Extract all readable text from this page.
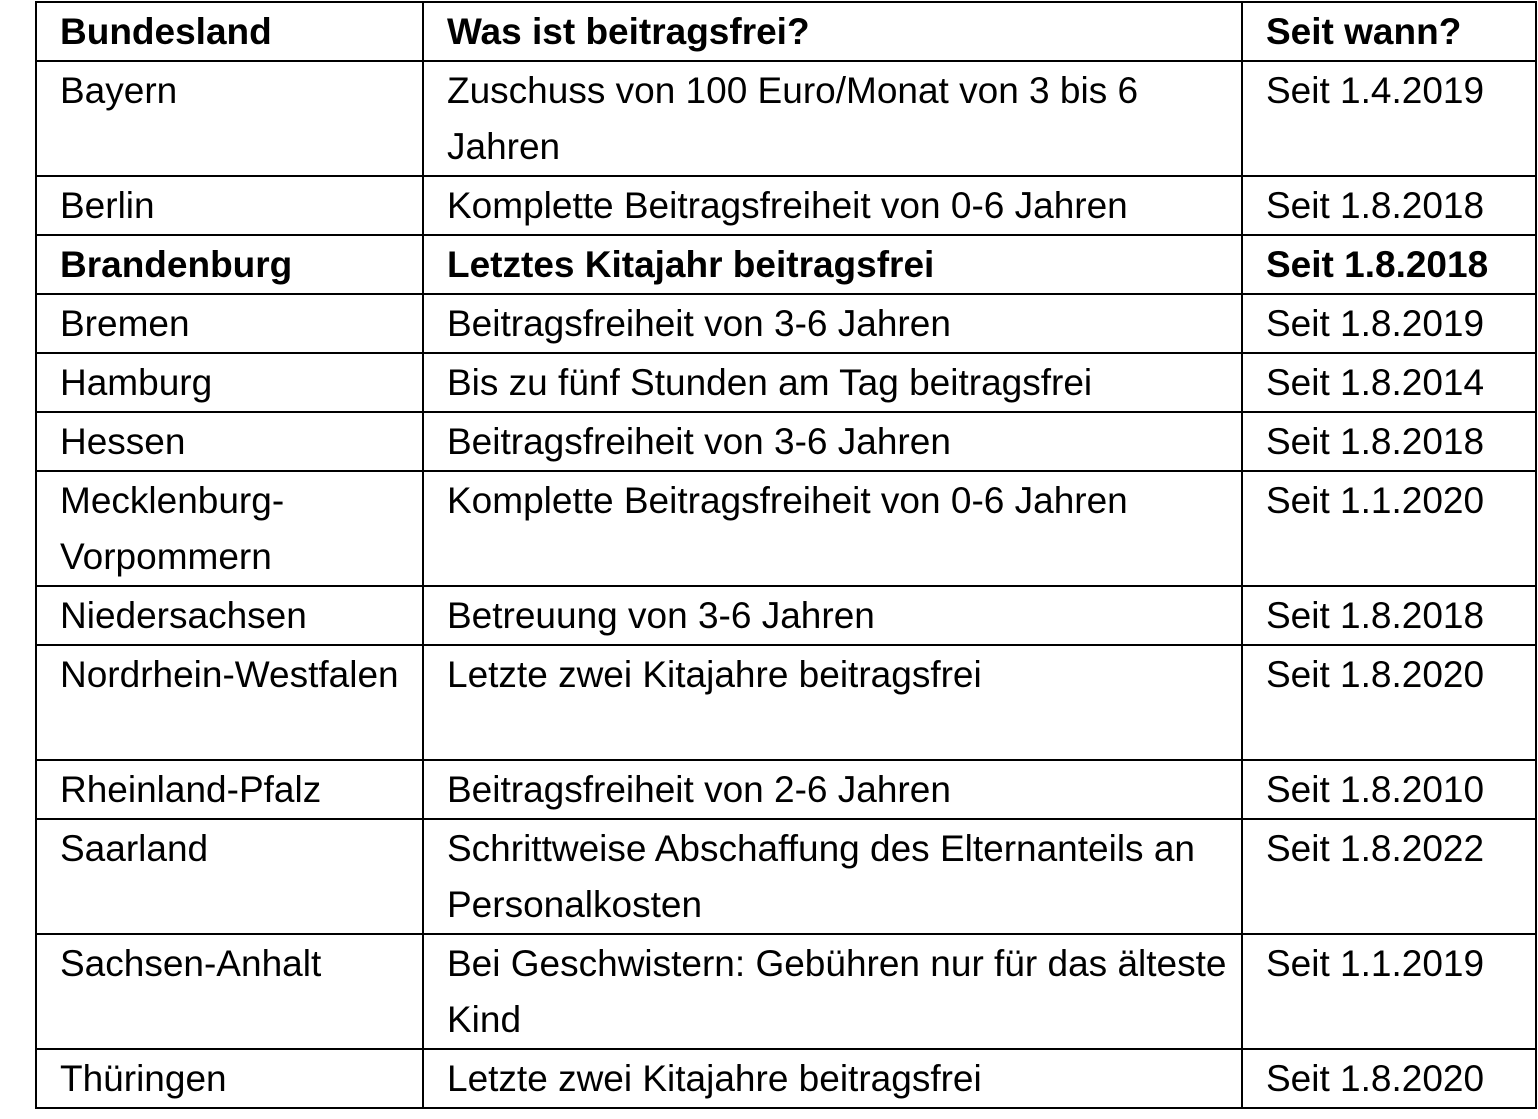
Bundesland	Was ist beitragsfrei?	Seit wann?
Bayern	Zuschuss von 100 Euro/Monat von 3 bis 6 Jahren	Seit 1.4.2019
Berlin	Komplette Beitragsfreiheit von 0-6 Jahren	Seit 1.8.2018
Brandenburg	Letztes Kitajahr beitragsfrei	Seit 1.8.2018
Bremen	Beitragsfreiheit von 3-6 Jahren	Seit 1.8.2019
Hamburg	Bis zu fünf Stunden am Tag beitragsfrei	Seit 1.8.2014
Hessen	Beitragsfreiheit von 3-6 Jahren	Seit 1.8.2018
Mecklenburg-Vorpommern	Komplette Beitragsfreiheit von 0-6 Jahren	Seit 1.1.2020
Niedersachsen	Betreuung von 3-6 Jahren	Seit 1.8.2018
Nordrhein-Westfalen	Letzte zwei Kitajahre beitragsfrei	Seit 1.8.2020
Rheinland-Pfalz	Beitragsfreiheit von 2-6 Jahren	Seit 1.8.2010
Saarland	Schrittweise Abschaffung des Elternanteils an Personalkosten	Seit 1.8.2022
Sachsen-Anhalt	Bei Geschwistern: Gebühren nur für das älteste Kind	Seit 1.1.2019
Thüringen	Letzte zwei Kitajahre beitragsfrei	Seit 1.8.2020
